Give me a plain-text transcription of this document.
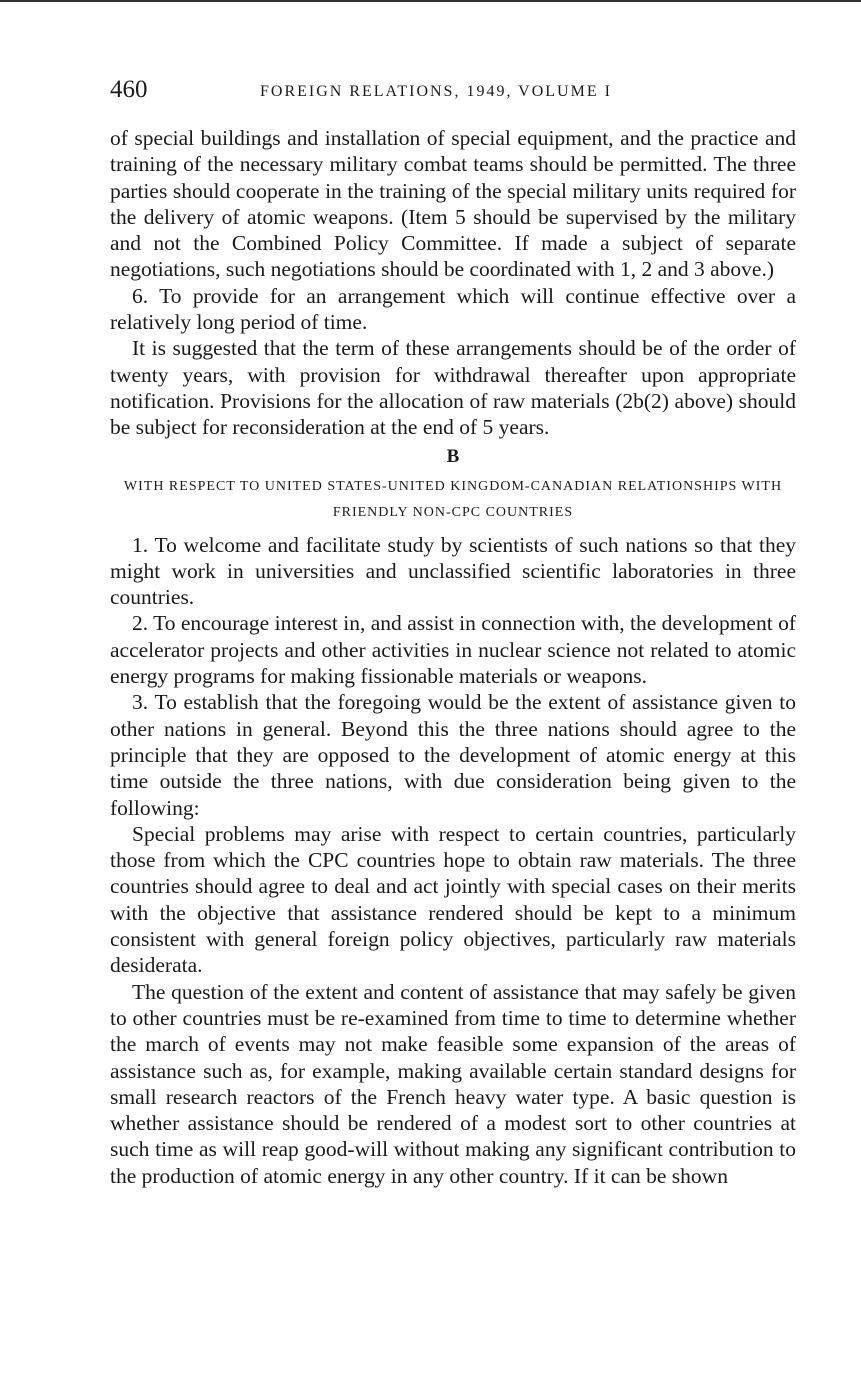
460	FOREIGN RELATIONS, 1949, VOLUME I

of special buildings and installation of special equipment, and the practice and training of the necessary military combat teams should be permitted. The three parties should cooperate in the training of the special military units required for the delivery of atomic weapons. (Item 5 should be supervised by the military and not the Combined Policy Committee. If made a subject of separate negotiations, such negotiations should be coordinated with 1, 2 and 3 above.)

6. To provide for an arrangement which will continue effective over a relatively long period of time.

It is suggested that the term of these arrangements should be of the order of twenty years, with provision for withdrawal thereafter upon appropriate notification. Provisions for the allocation of raw materials (2b(2) above) should be subject for reconsideration at the end of 5 years.

B
WITH RESPECT TO UNITED STATES-UNITED KINGDOM-CANADIAN RELATIONSHIPS WITH FRIENDLY NON-CPC COUNTRIES

1. To welcome and facilitate study by scientists of such nations so that they might work in universities and unclassified scientific laboratories in three countries.

2. To encourage interest in, and assist in connection with, the development of accelerator projects and other activities in nuclear science not related to atomic energy programs for making fissionable materials or weapons.

3. To establish that the foregoing would be the extent of assistance given to other nations in general. Beyond this the three nations should agree to the principle that they are opposed to the development of atomic energy at this time outside the three nations, with due consideration being given to the following:

Special problems may arise with respect to certain countries, particularly those from which the CPC countries hope to obtain raw materials. The three countries should agree to deal and act jointly with special cases on their merits with the objective that assistance rendered should be kept to a minimum consistent with general foreign policy objectives, particularly raw materials desiderata.

The question of the extent and content of assistance that may safely be given to other countries must be re-examined from time to time to determine whether the march of events may not make feasible some expansion of the areas of assistance such as, for example, making available certain standard designs for small research reactors of the French heavy water type. A basic question is whether assistance should be rendered of a modest sort to other countries at such time as will reap good-will without making any significant contribution to the production of atomic energy in any other country. If it can be shown
